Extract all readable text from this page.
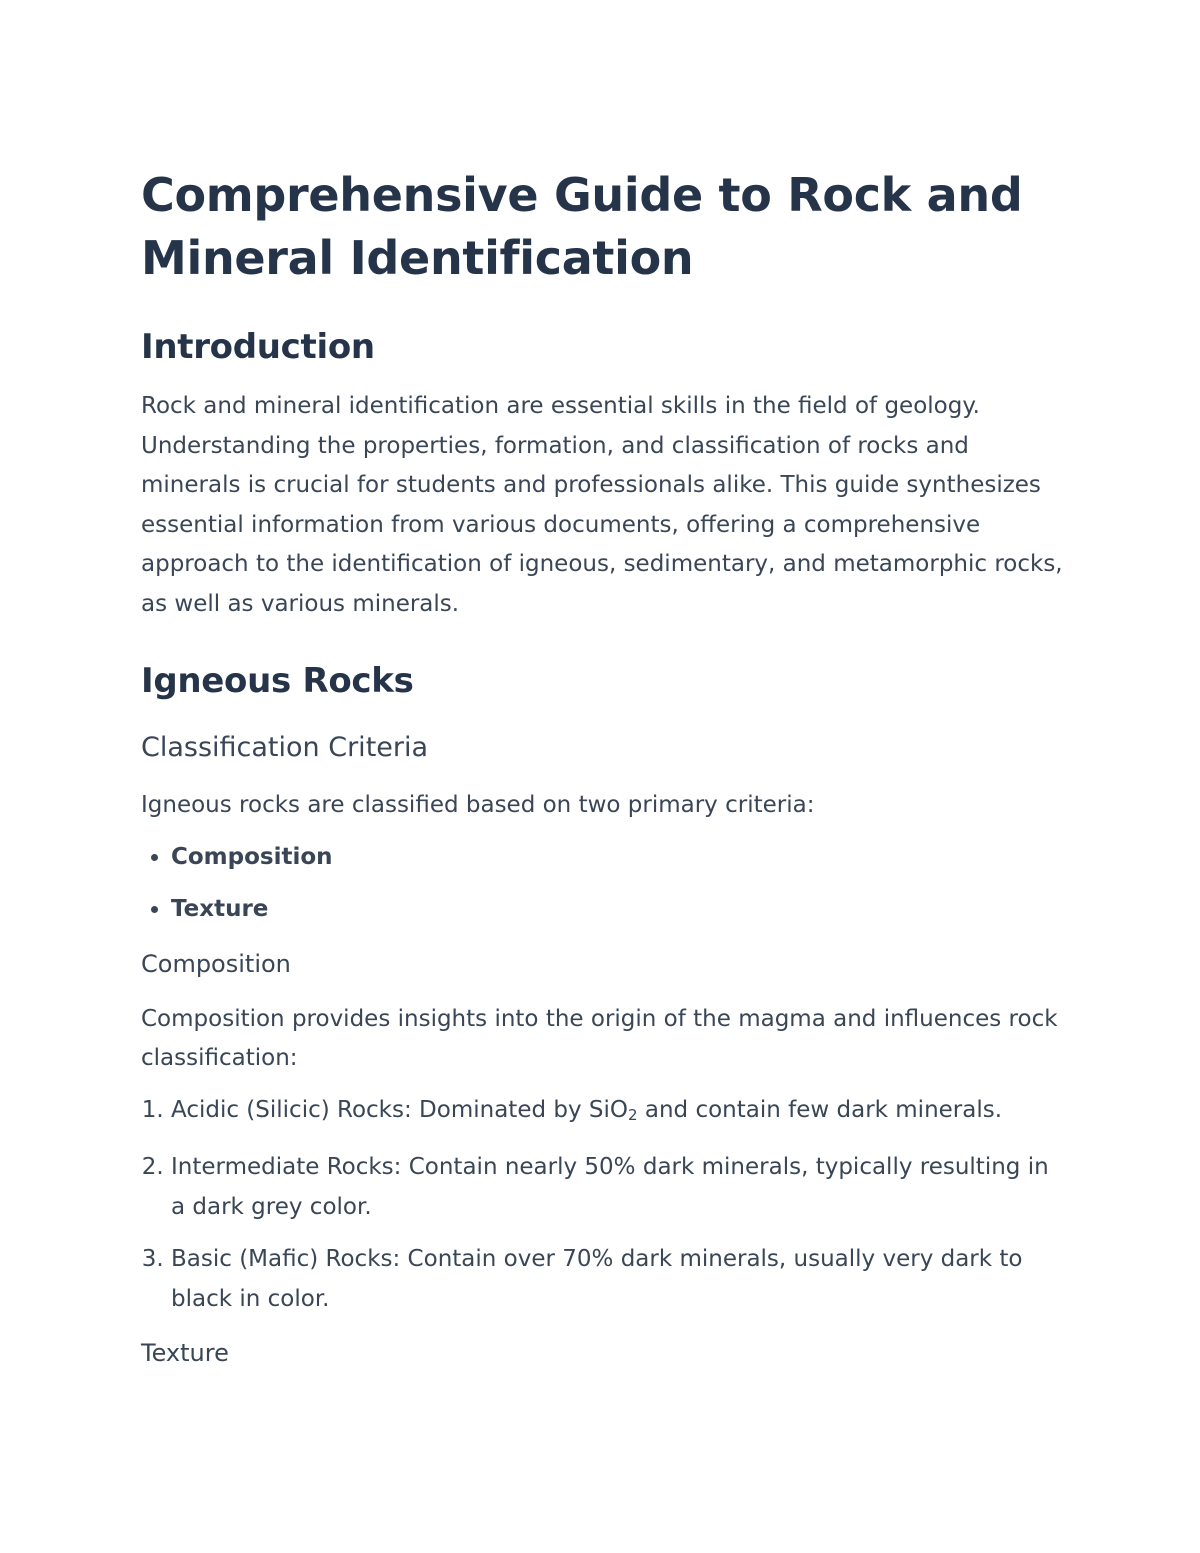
Comprehensive Guide to Rock and Mineral Identification
Introduction

Rock and mineral identification are essential skills in the field of geology. Understanding the properties, formation, and classification of rocks and minerals is crucial for students and professionals alike. This guide synthesizes essential information from various documents, offering a comprehensive approach to the identification of igneous, sedimentary, and metamorphic rocks, as well as various minerals.

Igneous Rocks
Classification Criteria

Igneous rocks are classified based on two primary criteria:

• Composition
• Texture
Composition

Composition provides insights into the origin of the magma and influences rock classification:

1. Acidic (Silicic) Rocks: Dominated by SiO$_2$ and contain few dark minerals.
2. Intermediate Rocks: Contain nearly 50% dark minerals, typically resulting in a dark grey color.
3. Basic (Mafic) Rocks: Contain over 70% dark minerals, usually very dark to black in color.
Texture
